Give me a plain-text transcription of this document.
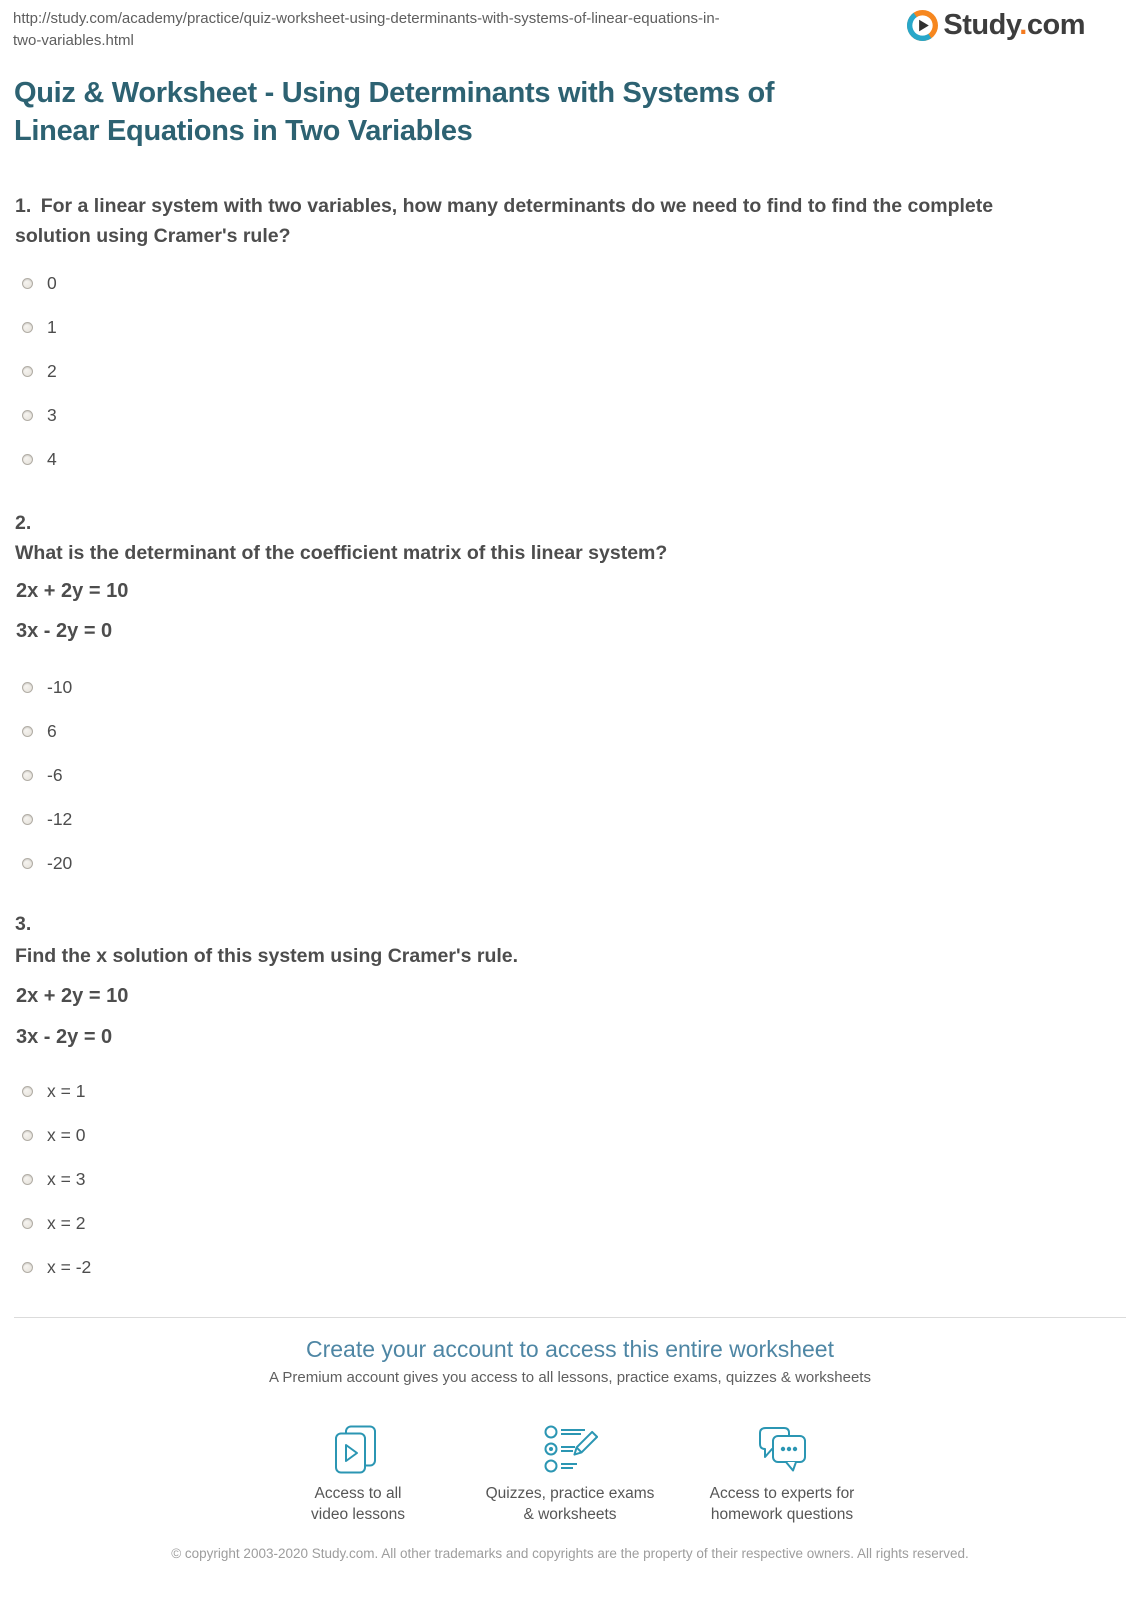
http://study.com/academy/practice/quiz-worksheet-using-determinants-with-systems-of-linear-equations-in-
two-variables.html	Study.com
Quiz & Worksheet - Using Determinants with Systems of
Linear Equations in Two Variables

1. For a linear system with two variables, how many determinants do we need to find to find the complete solution using Cramer's rule?

0
1
2
3
4
2.

What is the determinant of the coefficient matrix of this linear system?

2x + 2y = 10

3x - 2y = 0

-10
6
-6
-12
-20
3.

Find the x solution of this system using Cramer's rule.

2x + 2y = 10

3x - 2y = 0

x = 1
x = 0
x = 3
x = 2
x = -2
Create your account to access this entire worksheet
A Premium account gives you access to all lessons, practice exams, quizzes & worksheets
Access to all
video lessons
Quizzes, practice exams
& worksheets
Access to experts for
homework questions
© copyright 2003-2020 Study.com. All other trademarks and copyrights are the property of their respective owners. All rights reserved.
